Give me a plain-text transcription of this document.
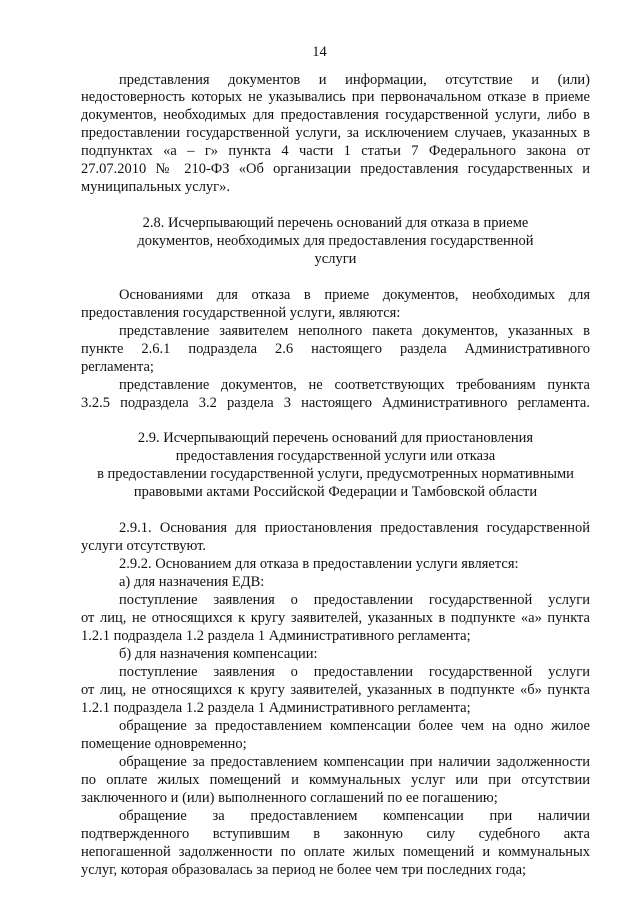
14
представления документов и информации, отсутствие и (или)
недостоверность которых не указывались при первоначальном отказе в приеме
документов, необходимых для предоставления государственной услуги, либо в
предоставлении государственной услуги, за исключением случаев, указанных в
подпунктах «а – г» пункта 4 части 1 статьи 7 Федерального закона от
27.07.2010 № 210-ФЗ «Об организации предоставления государственных и
муниципальных услуг».
2.8. Исчерпывающий перечень оснований для отказа в приеме
документов, необходимых для предоставления государственной
услуги
Основаниями для отказа в приеме документов, необходимых для
предоставления государственной услуги, являются:
представление заявителем неполного пакета документов, указанных в
пункте 2.6.1 подраздела 2.6 настоящего раздела Административного
регламента;
представление документов, не соответствующих требованиям пункта
3.2.5 подраздела 3.2 раздела 3 настоящего Административного регламента.
2.9. Исчерпывающий перечень оснований для приостановления
предоставления государственной услуги или отказа
в предоставлении государственной услуги, предусмотренных нормативными
правовыми актами Российской Федерации и Тамбовской области
2.9.1. Основания для приостановления предоставления государственной
услуги отсутствуют.
2.9.2. Основанием для отказа в предоставлении услуги является:
а) для назначения ЕДВ:
поступление заявления о предоставлении государственной услуги
от лиц, не относящихся к кругу заявителей, указанных в подпункте «а» пункта
1.2.1 подраздела 1.2 раздела 1 Административного регламента;
б) для назначения компенсации:
поступление заявления о предоставлении государственной услуги
от лиц, не относящихся к кругу заявителей, указанных в подпункте «б» пункта
1.2.1 подраздела 1.2 раздела 1 Административного регламента;
обращение за предоставлением компенсации более чем на одно жилое
помещение одновременно;
обращение за предоставлением компенсации при наличии задолженности
по оплате жилых помещений и коммунальных услуг или при отсутствии
заключенного и (или) выполненного соглашений по ее погашению;
обращение за предоставлением компенсации при наличии
подтвержденного вступившим в законную силу судебного акта
непогашенной задолженности по оплате жилых помещений и коммунальных
услуг, которая образовалась за период не более чем три последних года;
